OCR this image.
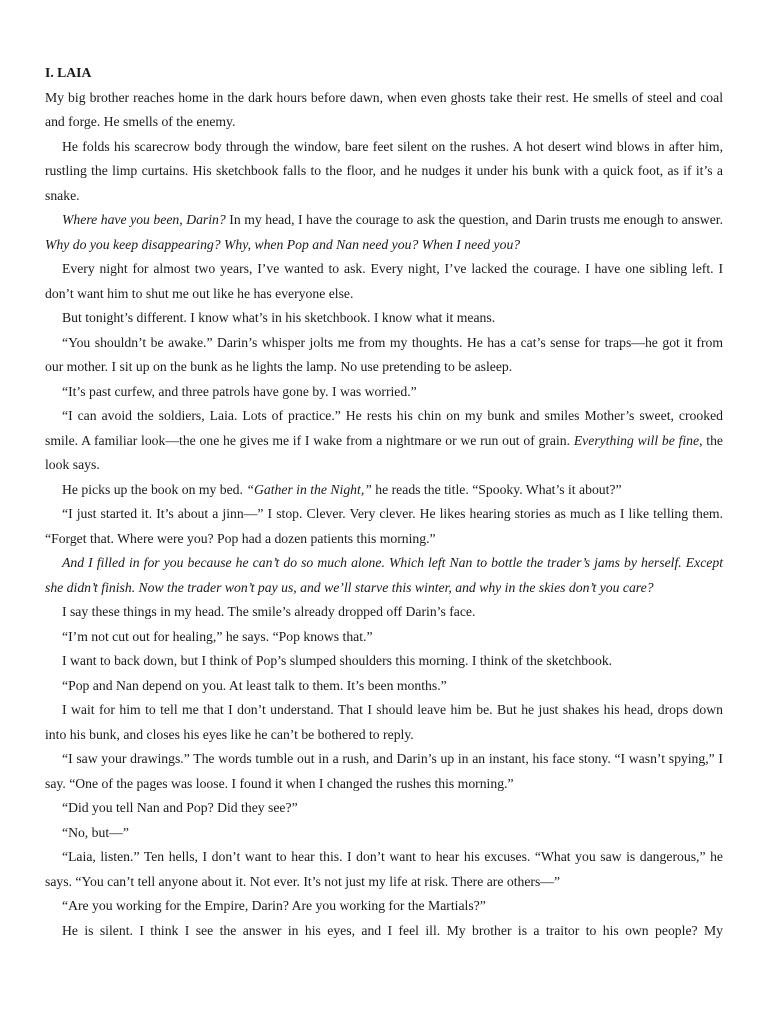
I. LAIA

My big brother reaches home in the dark hours before dawn, when even ghosts take their rest. He smells of steel and coal and forge. He smells of the enemy.

He folds his scarecrow body through the window, bare feet silent on the rushes. A hot desert wind blows in after him, rustling the limp curtains. His sketchbook falls to the floor, and he nudges it under his bunk with a quick foot, as if it’s a snake.

Where have you been, Darin? In my head, I have the courage to ask the question, and Darin trusts me enough to answer. Why do you keep disappearing? Why, when Pop and Nan need you? When I need you?

Every night for almost two years, I’ve wanted to ask. Every night, I’ve lacked the courage. I have one sibling left. I don’t want him to shut me out like he has everyone else.

But tonight’s different. I know what’s in his sketchbook. I know what it means.

“You shouldn’t be awake.” Darin’s whisper jolts me from my thoughts. He has a cat’s sense for traps—he got it from our mother. I sit up on the bunk as he lights the lamp. No use pretending to be asleep.

“It’s past curfew, and three patrols have gone by. I was worried.”

“I can avoid the soldiers, Laia. Lots of practice.” He rests his chin on my bunk and smiles Mother’s sweet, crooked smile. A familiar look—the one he gives me if I wake from a nightmare or we run out of grain. Everything will be fine, the look says.

He picks up the book on my bed. “Gather in the Night,” he reads the title. “Spooky. What’s it about?”

“I just started it. It’s about a jinn—” I stop. Clever. Very clever. He likes hearing stories as much as I like telling them. “Forget that. Where were you? Pop had a dozen patients this morning.”

And I filled in for you because he can’t do so much alone. Which left Nan to bottle the trader’s jams by herself. Except she didn’t finish. Now the trader won’t pay us, and we’ll starve this winter, and why in the skies don’t you care?

I say these things in my head. The smile’s already dropped off Darin’s face.

“I’m not cut out for healing,” he says. “Pop knows that.”

I want to back down, but I think of Pop’s slumped shoulders this morning. I think of the sketchbook.

“Pop and Nan depend on you. At least talk to them. It’s been months.”

I wait for him to tell me that I don’t understand. That I should leave him be. But he just shakes his head, drops down into his bunk, and closes his eyes like he can’t be bothered to reply.

“I saw your drawings.” The words tumble out in a rush, and Darin’s up in an instant, his face stony. “I wasn’t spying,” I say. “One of the pages was loose. I found it when I changed the rushes this morning.”

“Did you tell Nan and Pop? Did they see?”

“No, but—”

“Laia, listen.” Ten hells, I don’t want to hear this. I don’t want to hear his excuses. “What you saw is dangerous,” he says. “You can’t tell anyone about it. Not ever. It’s not just my life at risk. There are others—”

“Are you working for the Empire, Darin? Are you working for the Martials?”

He is silent. I think I see the answer in his eyes, and I feel ill. My brother is a traitor to his own people? My
